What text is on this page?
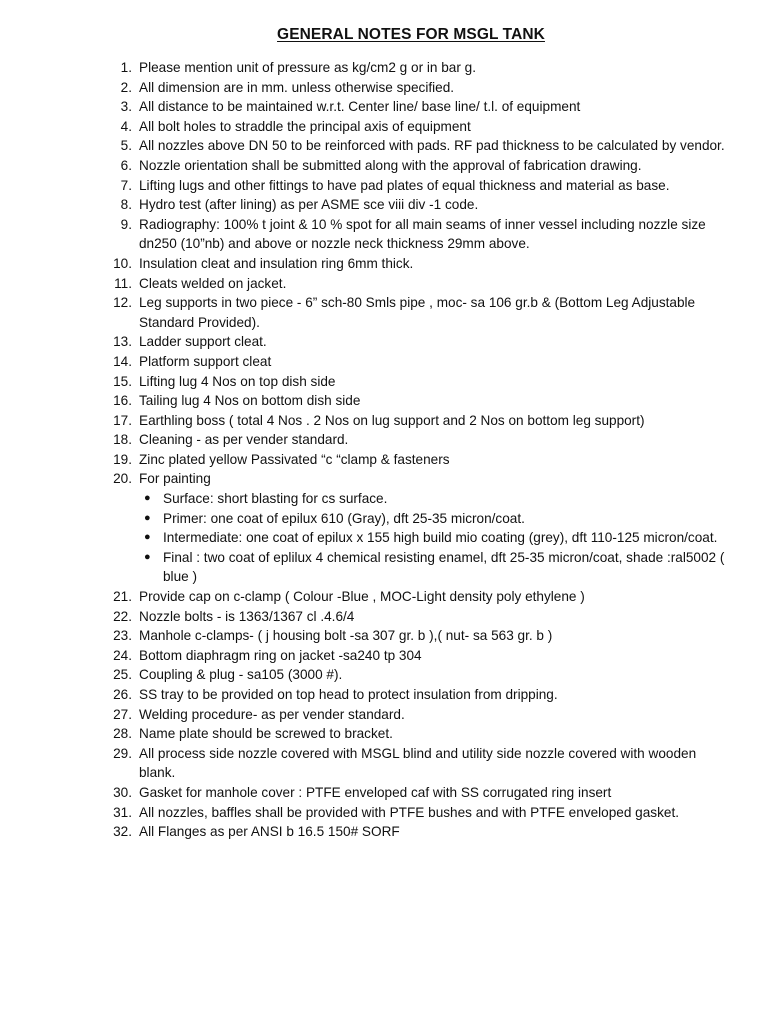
GENERAL NOTES FOR MSGL TANK
1. Please mention unit of pressure as kg/cm2 g or in bar g.
2. All dimension are in mm. unless otherwise specified.
3. All distance to be maintained w.r.t. Center line/ base line/ t.l. of equipment
4. All bolt holes to straddle the principal axis of equipment
5. All nozzles above DN 50 to be reinforced with pads. RF pad thickness to be calculated by vendor.
6. Nozzle orientation shall be submitted along with the approval of fabrication drawing.
7. Lifting lugs and other fittings to have pad plates of equal thickness and material as base.
8. Hydro test (after lining) as per ASME sce viii div -1 code.
9. Radiography: 100% t joint & 10 % spot for all main seams of inner vessel including nozzle size dn250 (10”nb) and above or nozzle neck thickness 29mm above.
10. Insulation cleat and insulation ring 6mm thick.
11. Cleats welded on jacket.
12. Leg supports in two piece - 6” sch-80 Smls pipe , moc- sa 106 gr.b & (Bottom Leg Adjustable Standard Provided).
13. Ladder support cleat.
14. Platform support cleat
15. Lifting lug 4 Nos on top dish side
16. Tailing lug 4 Nos on bottom dish side
17. Earthling boss ( total 4 Nos . 2 Nos on lug support and 2 Nos on bottom leg support)
18. Cleaning - as per vender standard.
19. Zinc plated yellow Passivated “c “clamp & fasteners
20. For painting
● Surface: short blasting for cs surface.
● Primer: one coat of epilux 610 (Gray), dft 25-35 micron/coat.
● Intermediate: one coat of epilux x 155 high build mio coating (grey), dft 110-125 micron/coat.
● Final : two coat of eplilux 4 chemical resisting enamel, dft 25-35 micron/coat, shade :ral5002 ( blue )
21. Provide cap on c-clamp ( Colour -Blue , MOC-Light density poly ethylene )
22. Nozzle bolts - is 1363/1367 cl .4.6/4
23. Manhole c-clamps- ( j housing bolt -sa 307 gr. b ),( nut- sa 563 gr. b )
24. Bottom diaphragm ring on jacket -sa240 tp 304
25. Coupling & plug - sa105 (3000 #).
26. SS tray to be provided on top head to protect insulation from dripping.
27. Welding procedure- as per vender standard.
28. Name plate should be screwed to bracket.
29. All process side nozzle covered with MSGL blind and utility side nozzle covered with wooden blank.
30. Gasket for manhole cover : PTFE enveloped caf with SS corrugated ring insert
31. All nozzles, baffles shall be provided with PTFE bushes and with PTFE enveloped gasket.
32. All Flanges as per ANSI b 16.5 150# SORF
